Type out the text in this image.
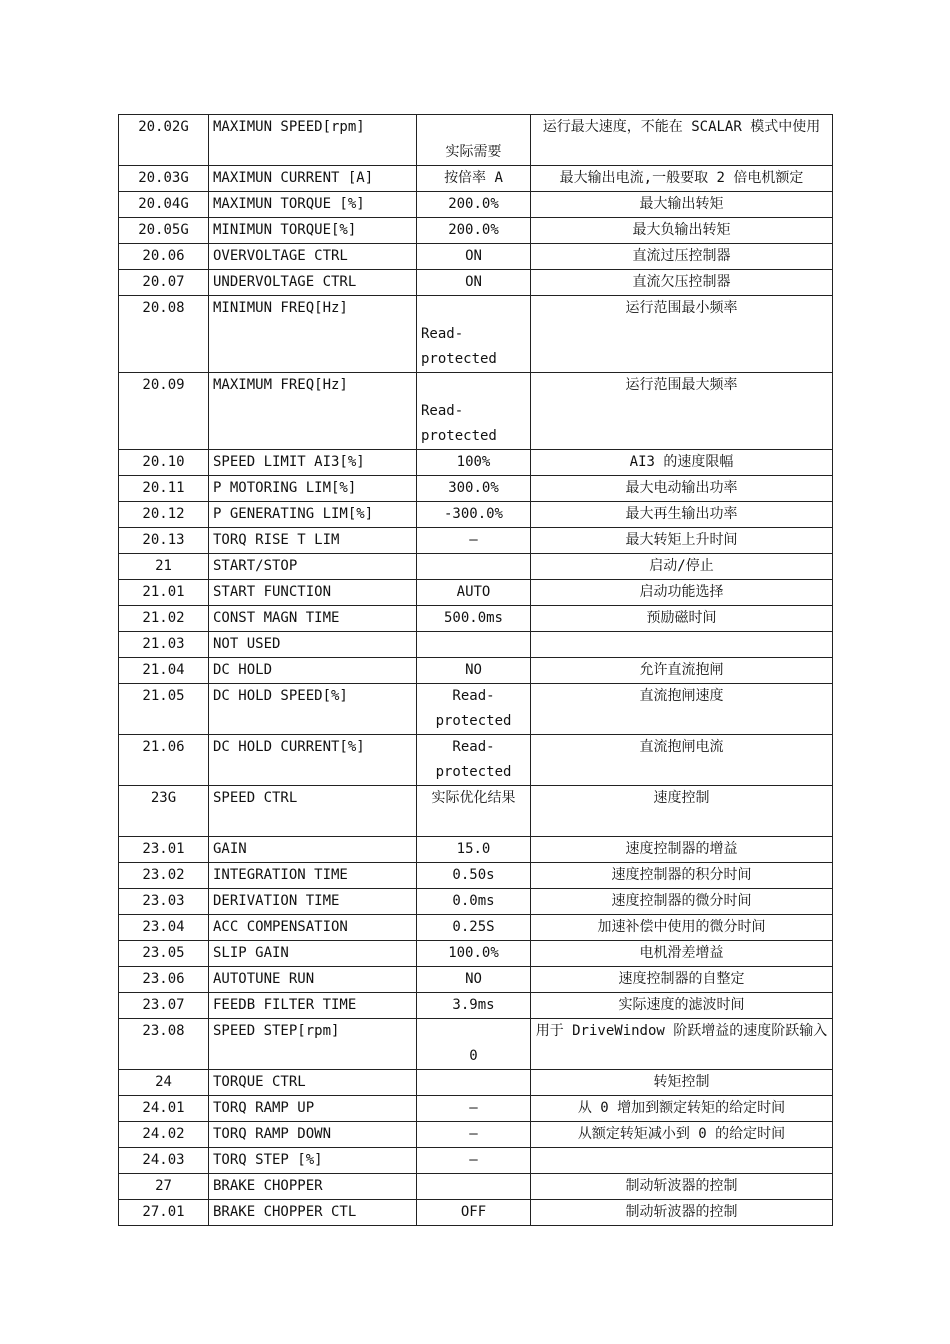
20.02G	MAXIMUN SPEED[rpm]	实际需要	运行最大速度，不能在 SCALAR 模式中使用
20.03G	MAXIMUN CURRENT [A]	按倍率 A	最大输出电流,一般要取 2 倍电机额定
20.04G	MAXIMUN TORQUE [%]	200.0%	最大输出转矩
20.05G	MINIMUN TORQUE[%]	200.0%	最大负输出转矩
20.06	OVERVOLTAGE CTRL	ON	直流过压控制器
20.07	UNDERVOLTAGE CTRL	ON	直流欠压控制器
20.08	MINIMUN FREQ[Hz]	Read-protected	运行范围最小频率
20.09	MAXIMUM FREQ[Hz]	Read-protected	运行范围最大频率
20.10	SPEED LIMIT AI3[%]	100%	AI3 的速度限幅
20.11	P MOTORING LIM[%]	300.0%	最大电动输出功率
20.12	P GENERATING LIM[%]	-300.0%	最大再生输出功率
20.13	TORQ RISE T LIM	—	最大转矩上升时间
21	START/STOP		启动/停止
21.01	START FUNCTION	AUTO	启动功能选择
21.02	CONST MAGN TIME	500.0ms	预励磁时间
21.03	NOT USED		
21.04	DC HOLD	NO	允许直流抱闸
21.05	DC HOLD SPEED[%]	Read-protected	直流抱闸速度
21.06	DC HOLD CURRENT[%]	Read-protected	直流抱闸电流
23G	SPEED CTRL	实际优化结果	速度控制
23.01	GAIN	15.0	速度控制器的增益
23.02	INTEGRATION TIME	0.50s	速度控制器的积分时间
23.03	DERIVATION TIME	0.0ms	速度控制器的微分时间
23.04	ACC COMPENSATION	0.25S	加速补偿中使用的微分时间
23.05	SLIP GAIN	100.0%	电机滑差增益
23.06	AUTOTUNE RUN	NO	速度控制器的自整定
23.07	FEEDB FILTER TIME	3.9ms	实际速度的滤波时间
23.08	SPEED STEP[rpm]	0	用于 DriveWindow 阶跃增益的速度阶跃输入
24	TORQUE CTRL		转矩控制
24.01	TORQ RAMP UP	—	从 0 增加到额定转矩的给定时间
24.02	TORQ RAMP DOWN	—	从额定转矩减小到 0 的给定时间
24.03	TORQ STEP [%]	—	
27	BRAKE CHOPPER		制动斩波器的控制
27.01	BRAKE CHOPPER CTL	OFF	制动斩波器的控制
